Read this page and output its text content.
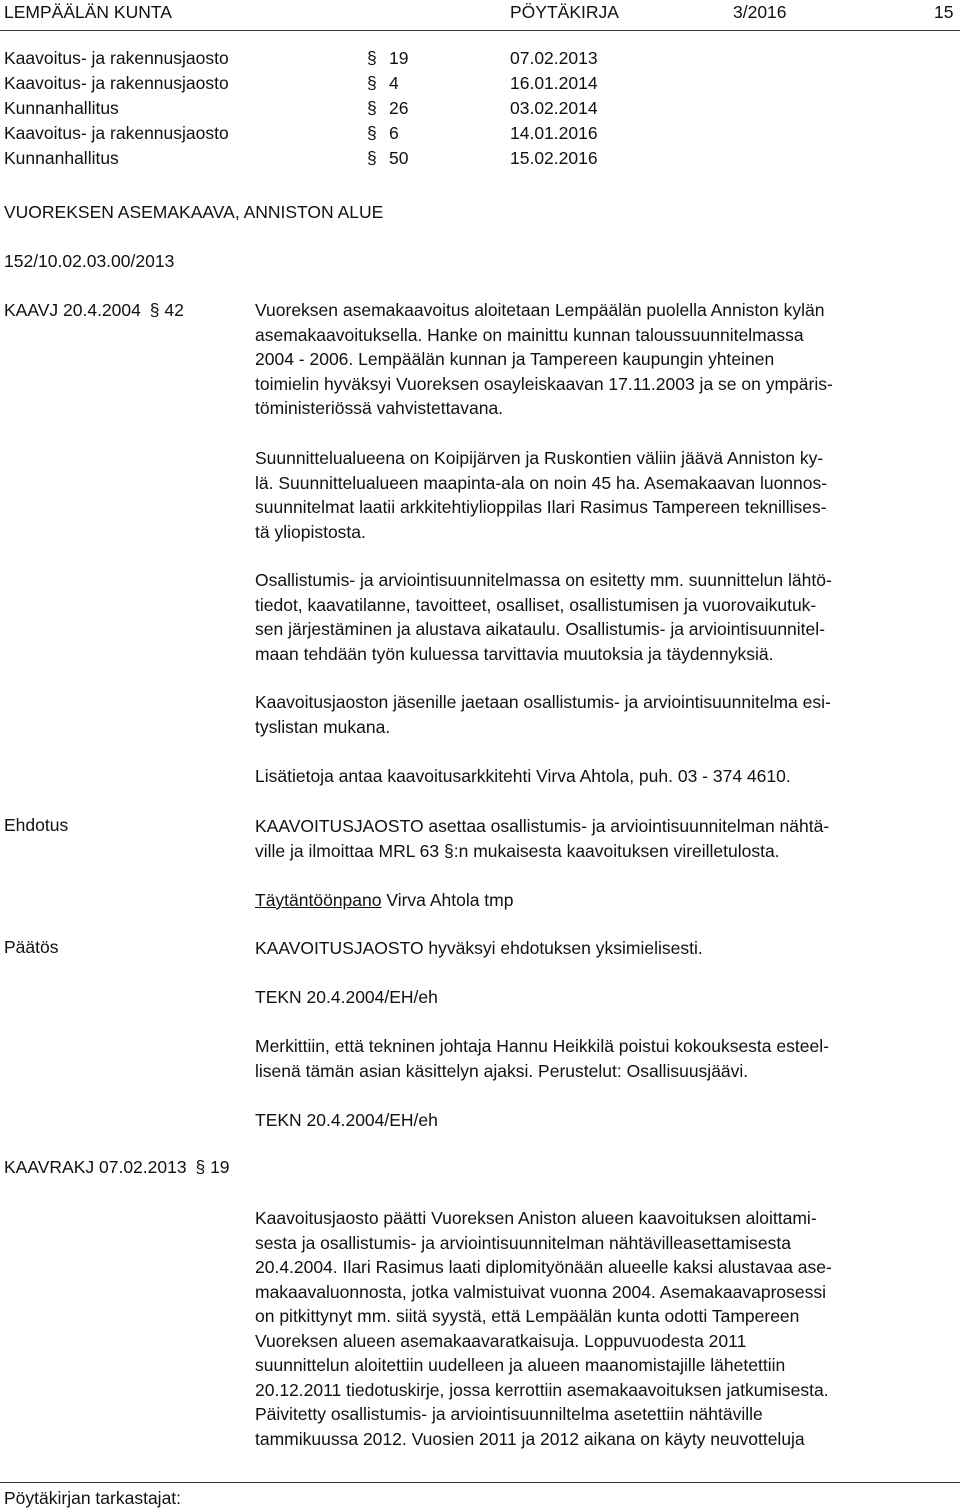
LEMPÄÄLÄN KUNTA	PÖYTÄKIRJA	3/2016	15
Kaavoitus- ja rakennusjaosto	§ 19	07.02.2013
Kaavoitus- ja rakennusjaosto	§ 4	16.01.2014
Kunnanhallitus	§ 26	03.02.2014
Kaavoitus- ja rakennusjaosto	§ 6	14.01.2016
Kunnanhallitus	§ 50	15.02.2016
VUOREKSEN ASEMAKAAVA, ANNISTON ALUE
152/10.02.03.00/2013
KAAVJ 20.4.2004 § 42	Vuoreksen asemakaavoitus aloitetaan Lempäälän puolella Anniston kylän
asemakaavoituksella. Hanke on mainittu kunnan taloussuunnitelmassa
2004 - 2006. Lempäälän kunnan ja Tampereen kaupungin yhteinen
toimielin hyväksyi Vuoreksen osayleiskaavan 17.11.2003 ja se on ympäris-
töministeriössä vahvistettavana.
Suunnittelualueena on Koipijärven ja Ruskontien väliin jäävä Anniston ky-
lä. Suunnittelualueen maapinta-ala on noin 45 ha. Asemakaavan luonnos-
suunnitelmat laatii arkkitehtiylioppilas Ilari Rasimus Tampereen teknillises-
tä yliopistosta.
Osallistumis- ja arviointisuunnitelmassa on esitetty mm. suunnittelun lähtö-
tiedot, kaavatilanne, tavoitteet, osalliset, osallistumisen ja vuorovaikutuk-
sen järjestäminen ja alustava aikataulu. Osallistumis- ja arviointisuunnitel-
maan tehdään työn kuluessa tarvittavia muutoksia ja täydennyksiä.
Kaavoitusjaoston jäsenille jaetaan osallistumis- ja arviointisuunnitelma esi-
tyslistan mukana.
Lisätietoja antaa kaavoitusarkkitehti Virva Ahtola, puh. 03 - 374 4610.
Ehdotus	KAAVOITUSJAOSTO asettaa osallistumis- ja arviointisuunnitelman nähtä-
ville ja ilmoittaa MRL 63 §:n mukaisesta kaavoituksen vireilletulosta.
Täytäntöönpano Virva Ahtola tmp
Päätös	KAAVOITUSJAOSTO hyväksyi ehdotuksen yksimielisesti.
TEKN 20.4.2004/EH/eh
Merkittiin, että tekninen johtaja Hannu Heikkilä poistui kokouksesta esteel-
lisenä tämän asian käsittelyn ajaksi. Perustelut: Osallisuusjäävi.
TEKN 20.4.2004/EH/eh
KAAVRAKJ 07.02.2013 § 19
Kaavoitusjaosto päätti Vuoreksen Aniston alueen kaavoituksen aloittami-
sesta ja osallistumis- ja arviointisuunnitelman nähtävilleasettamisesta
20.4.2004. Ilari Rasimus laati diplomityönään alueelle kaksi alustavaa ase-
makaavaluonnosta, jotka valmistuivat vuonna 2004. Asemakaavaprosessi
on pitkittynyt mm. siitä syystä, että Lempäälän kunta odotti Tampereen
Vuoreksen alueen asemakaavaratkaisuja. Loppuvuodesta 2011
suunnittelun aloitettiin uudelleen ja alueen maanomistajille lähetettiin
20.12.2011 tiedotuskirje, jossa kerrottiin asemakaavoituksen jatkumisesta.
Päivitetty osallistumis- ja arviointisuunniltelma asetettiin nähtäville
tammikuussa 2012. Vuosien 2011 ja 2012 aikana on käyty neuvotteluja
Pöytäkirjan tarkastajat:
